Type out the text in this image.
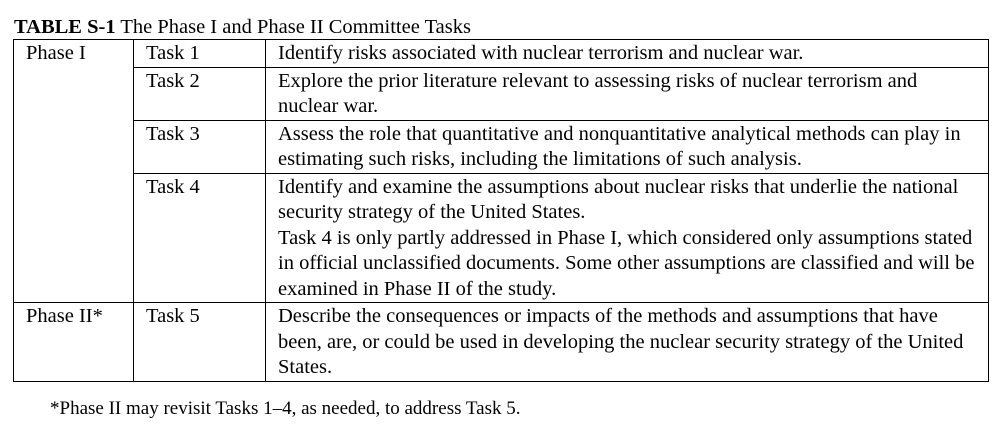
TABLE S-1 The Phase I and Phase II Committee Tasks
Phase I	Task 1	Identify risks associated with nuclear terrorism and nuclear war.

	Task 2	Explore the prior literature relevant to assessing risks of nuclear terrorism and nuclear war.

	Task 3	Assess the role that quantitative and nonquantitative analytical methods can play in estimating such risks, including the limitations of such analysis.

	Task 4	Identify and examine the assumptions about nuclear risks that underlie the national security strategy of the United States.
Task 4 is only partly addressed in Phase I, which considered only assumptions stated in official unclassified documents. Some other assumptions are classified and will be examined in Phase II of the study.

Phase II*	Task 5	Describe the consequences or impacts of the methods and assumptions that have been, are, or could be used in developing the nuclear security strategy of the United States.
*Phase II may revisit Tasks 1–4, as needed, to address Task 5.
